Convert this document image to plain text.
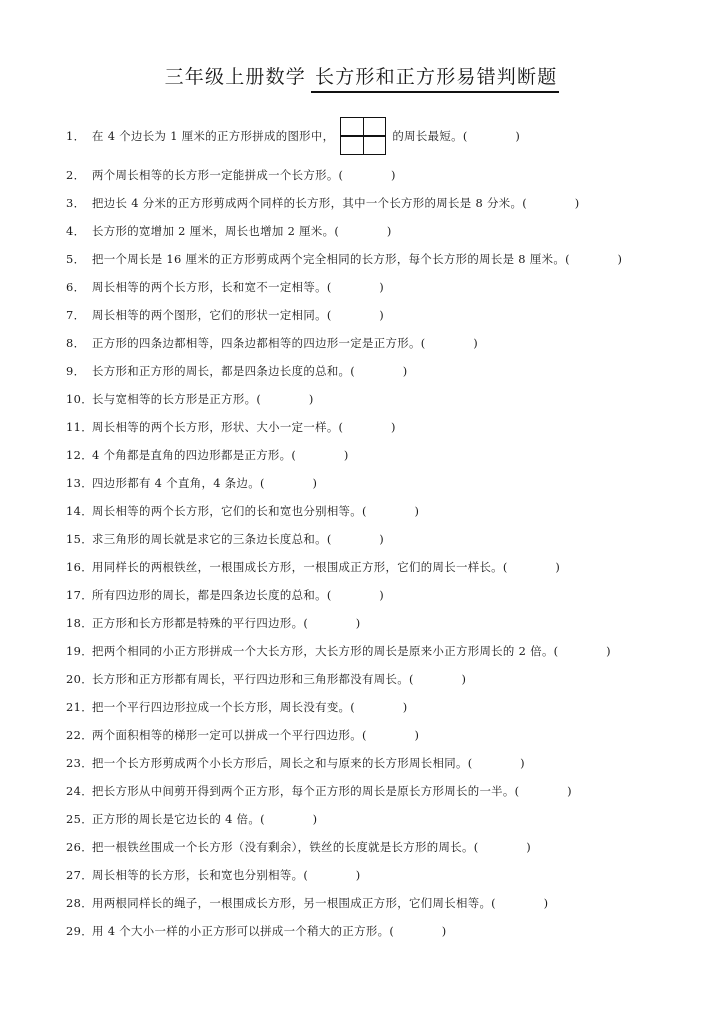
三年级上册数学 长方形和正方形易错判断题
1． 在 4 个边长为 1 厘米的正方形拼成的图形中，	的周长最短。(
	)
2． 两个周长相等的长方形一定能拼成一个长方形。(
	)
3． 把边长 4 分米的正方形剪成两个同样的长方形，其中一个长方形的周长是 8 分米。(
	)
4． 长方形的宽增加 2 厘米，周长也增加 2 厘米。(
	)
5． 把一个周长是 16 厘米的正方形剪成两个完全相同的长方形，每个长方形的周长是 8 厘米。(
	)
6． 周长相等的两个长方形，长和宽不一定相等。(
	)
7． 周长相等的两个图形，它们的形状一定相同。(
	)
8． 正方形的四条边都相等，四条边都相等的四边形一定是正方形。(
	)
9． 长方形和正方形的周长，都是四条边长度的总和。(
	)
10． 长与宽相等的长方形是正方形。(
	)
11． 周长相等的两个长方形，形状、大小一定一样。(
	)
12． 4 个角都是直角的四边形都是正方形。(
	)
13． 四边形都有 4 个直角，4 条边。(
	)
14． 周长相等的两个长方形，它们的长和宽也分别相等。(
	)
15． 求三角形的周长就是求它的三条边长度总和。(
	)
16． 用同样长的两根铁丝，一根围成长方形，一根围成正方形，它们的周长一样长。(
	)
17． 所有四边形的周长，都是四条边长度的总和。(
	)
18． 正方形和长方形都是特殊的平行四边形。(
	)
19． 把两个相同的小正方形拼成一个大长方形，大长方形的周长是原来小正方形周长的 2 倍。(
	)
20． 长方形和正方形都有周长，平行四边形和三角形都没有周长。(
	)
21． 把一个平行四边形拉成一个长方形，周长没有变。(
	)
22． 两个面积相等的梯形一定可以拼成一个平行四边形。(
	)
23． 把一个长方形剪成两个小长方形后，周长之和与原来的长方形周长相同。(
	)
24． 把长方形从中间剪开得到两个正方形，每个正方形的周长是原长方形周长的一半。(
	)
25． 正方形的周长是它边长的 4 倍。(
	)
26． 把一根铁丝围成一个长方形（没有剩余），铁丝的长度就是长方形的周长。(
	)
27． 周长相等的长方形，长和宽也分别相等。(
	)
28． 用两根同样长的绳子，一根围成长方形，另一根围成正方形，它们周长相等。(
	)
29． 用 4 个大小一样的小正方形可以拼成一个稍大的正方形。(
	)
